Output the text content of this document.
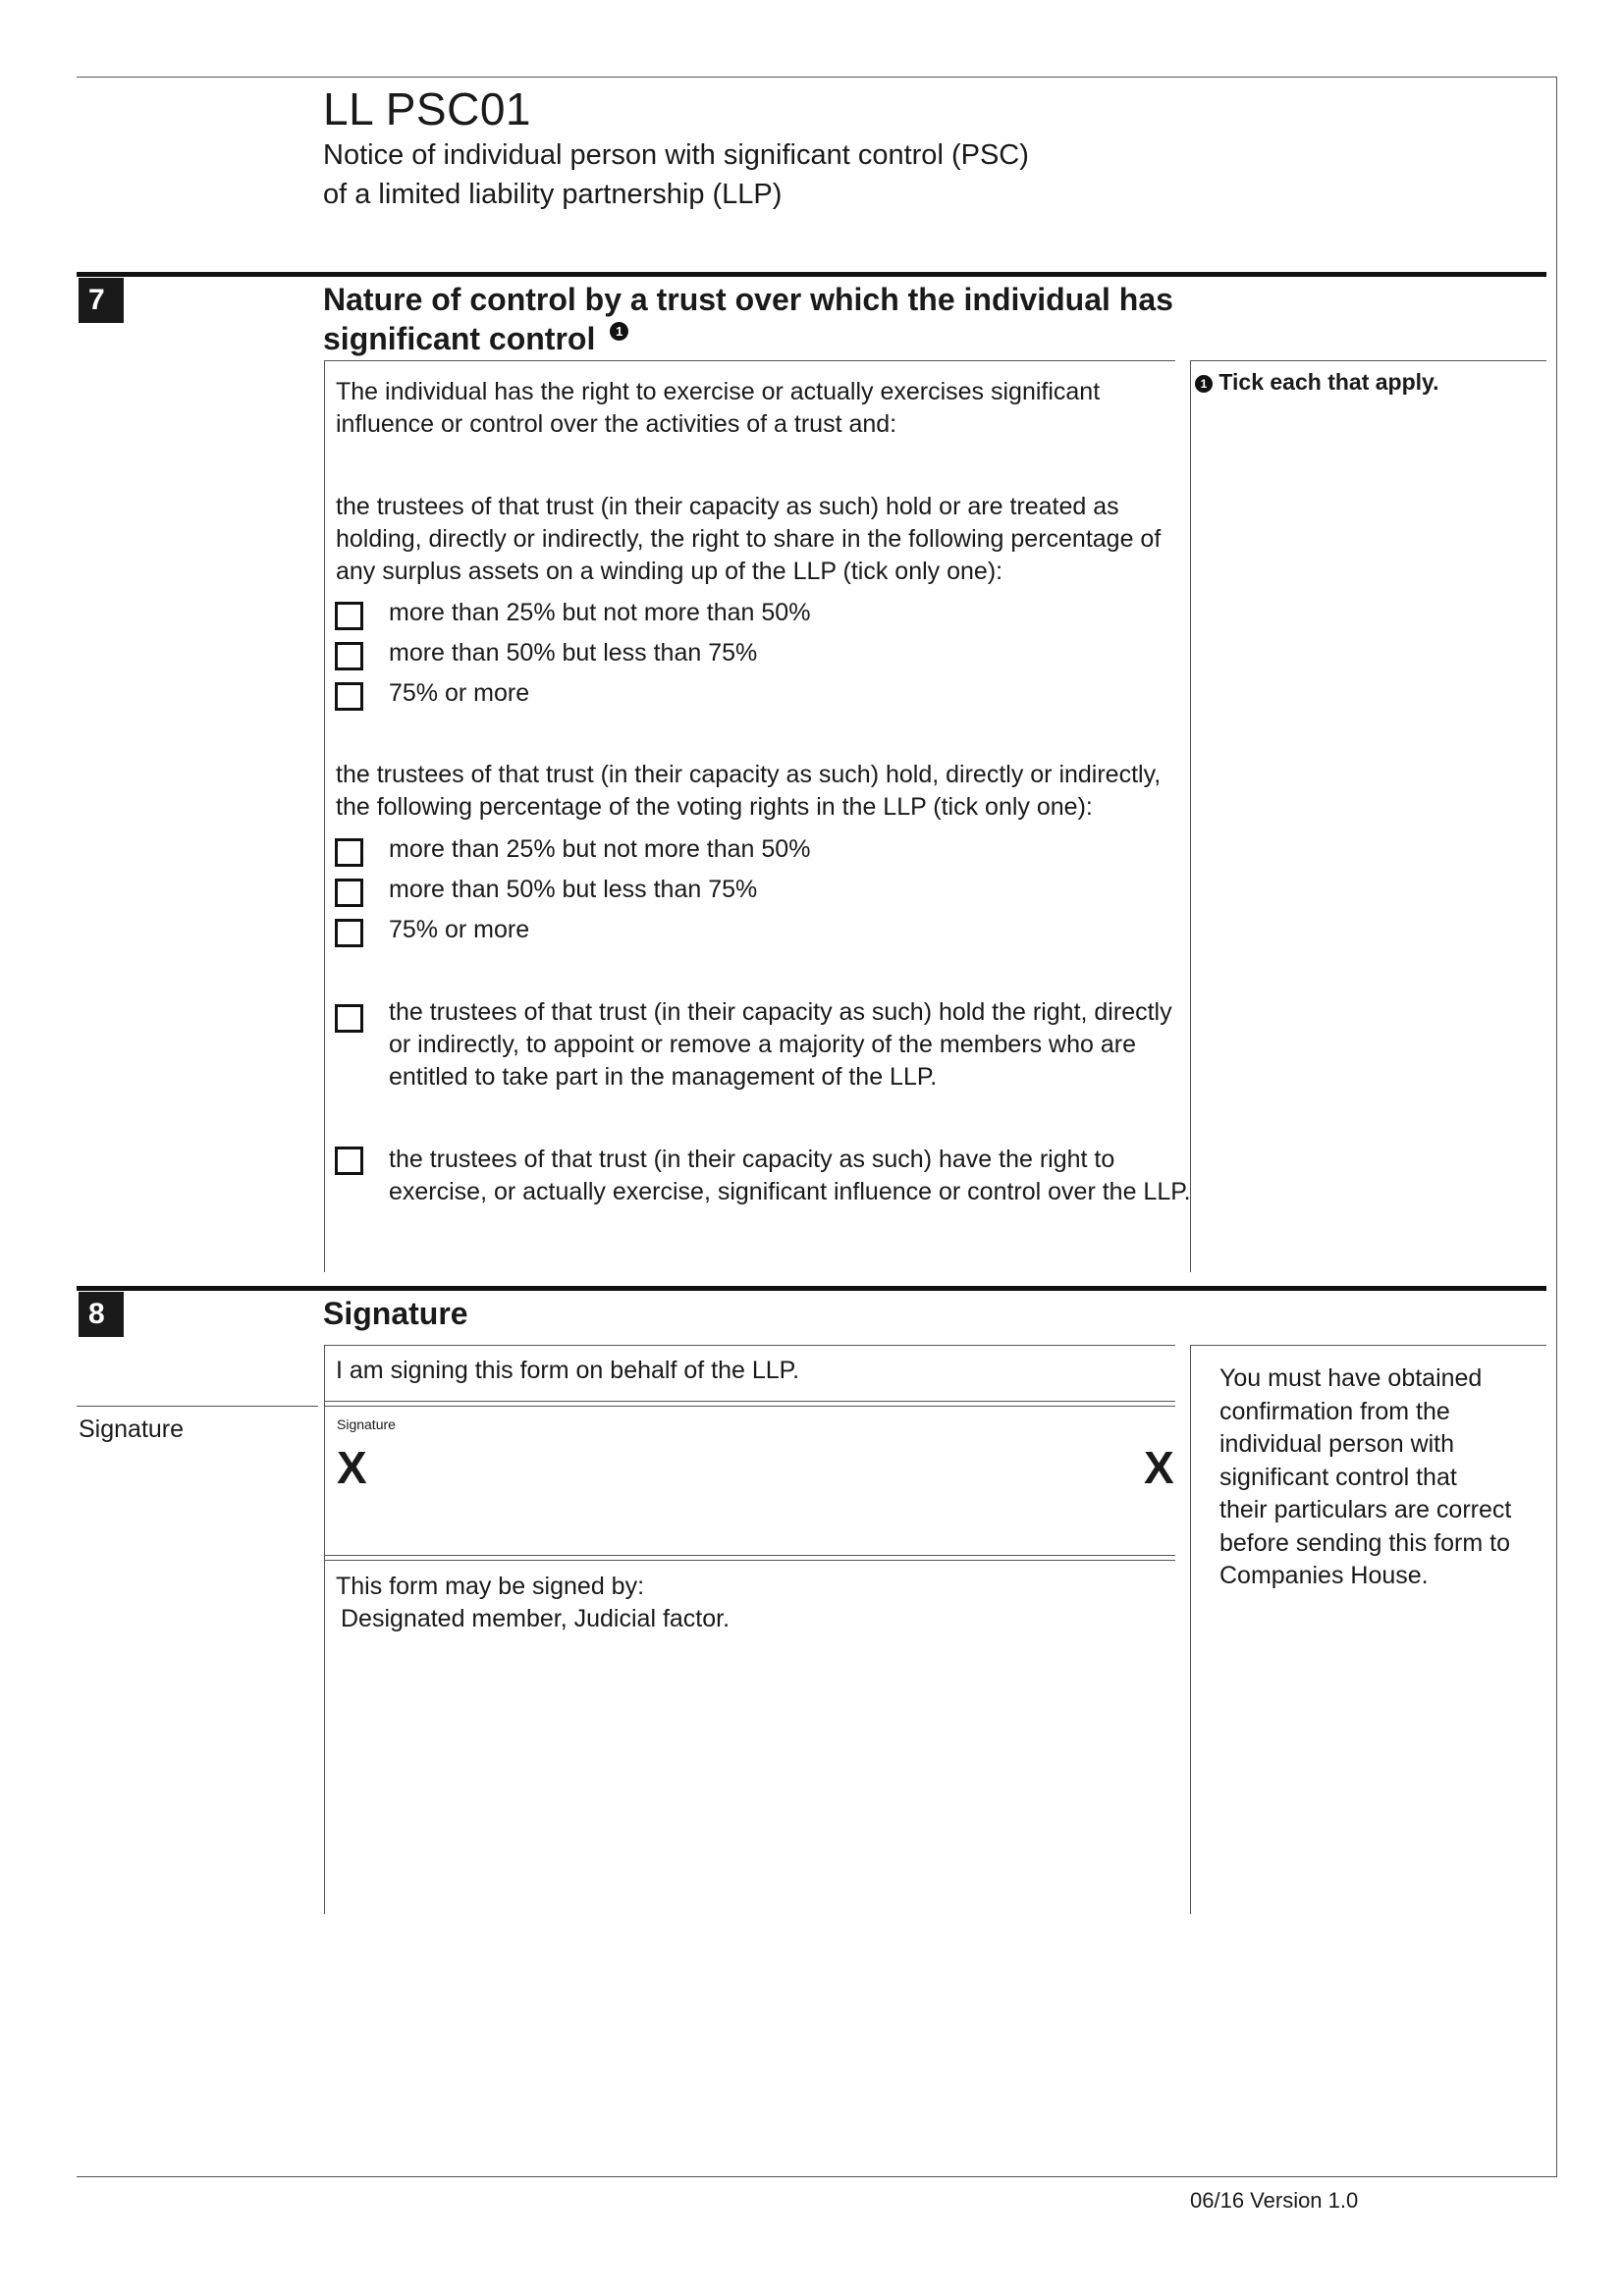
LL PSC01
Notice of individual person with significant control (PSC)
of a limited liability partnership (LLP)
7	Nature of control by a trust over which the individual has
significant control 1
1 Tick each that apply.
The individual has the right to exercise or actually exercises significant
influence or control over the activities of a trust and:
the trustees of that trust (in their capacity as such) hold or are treated as
holding, directly or indirectly, the right to share in the following percentage of
any surplus assets on a winding up of the LLP (tick only one):
more than 25% but not more than 50%
more than 50% but less than 75%
75% or more
the trustees of that trust (in their capacity as such) hold, directly or indirectly,
the following percentage of the voting rights in the LLP (tick only one):
more than 25% but not more than 50%
more than 50% but less than 75%
75% or more
the trustees of that trust (in their capacity as such) hold the right, directly
or indirectly, to appoint or remove a majority of the members who are
entitled to take part in the management of the LLP.
the trustees of that trust (in their capacity as such) have the right to
exercise, or actually exercise, significant influence or control over the LLP.
8	Signature
I am signing this form on behalf of the LLP.
Signature	Signature
X	X
This form may be signed by:
Designated member, Judicial factor.
You must have obtained
confirmation from the
individual person with
significant control that
their particulars are correct
before sending this form to
Companies House.
06/16 Version 1.0
